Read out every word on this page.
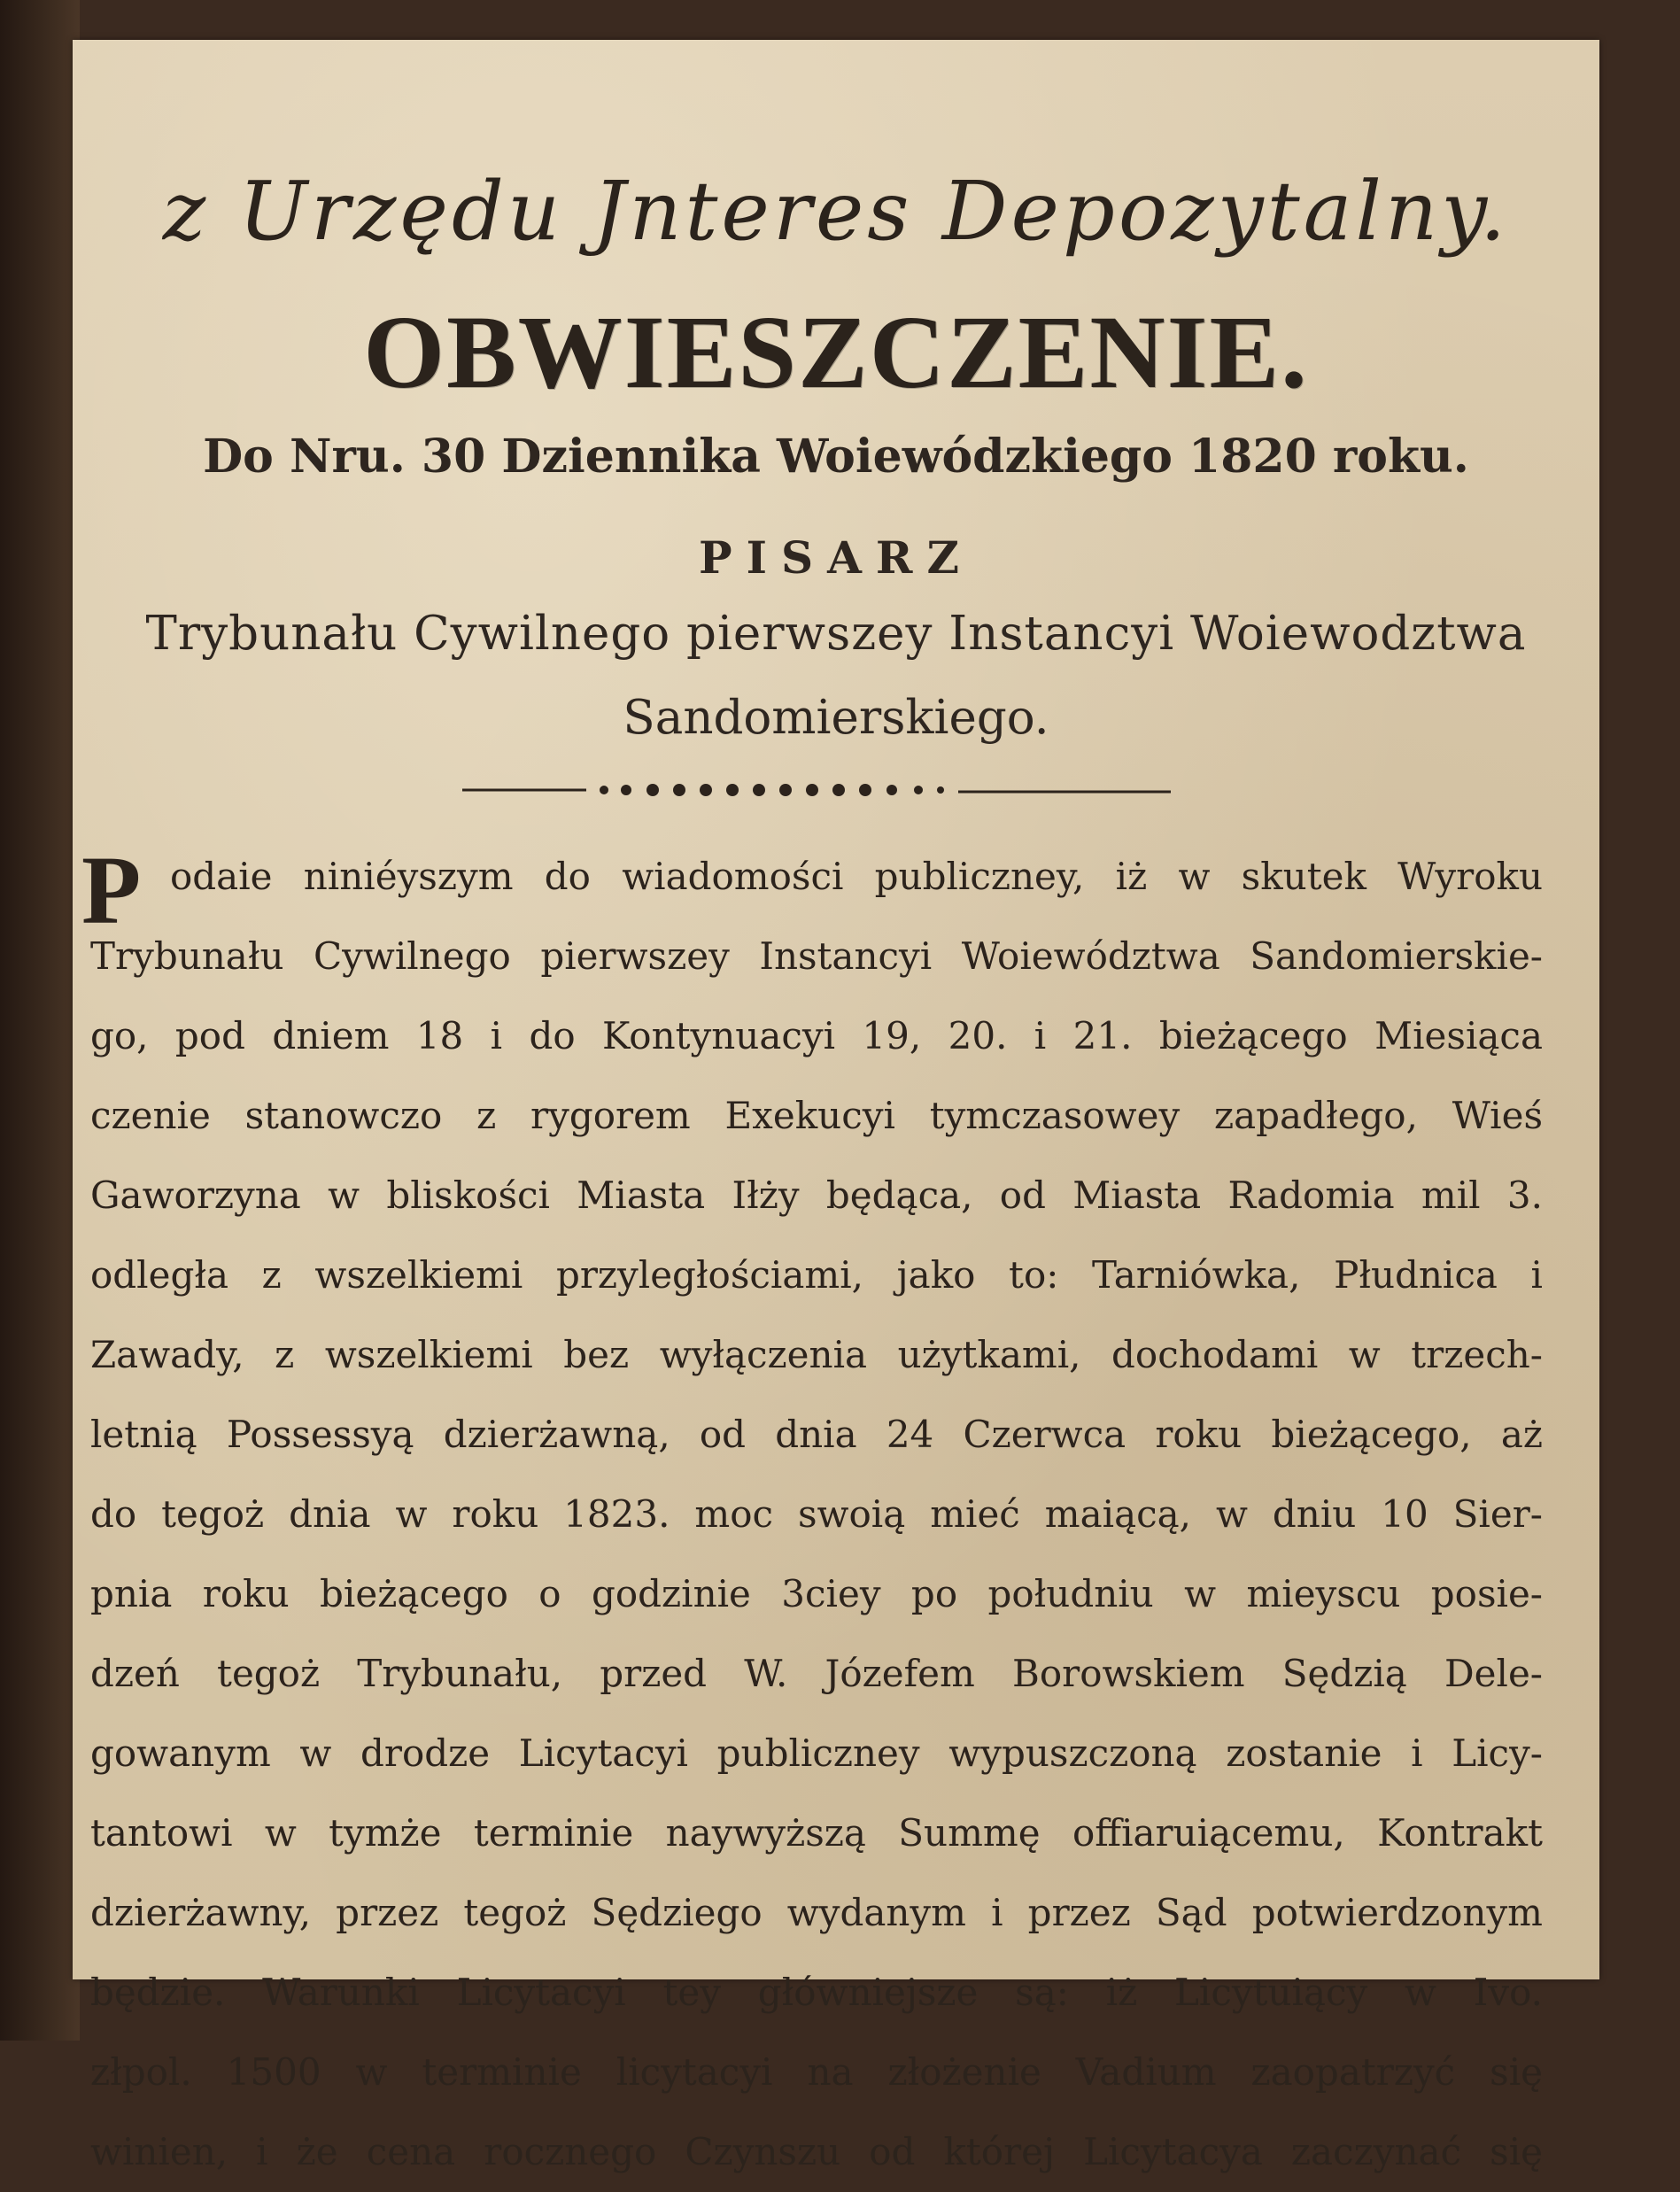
z Urzędu Jnteres Depozytalny.
OBWIESZCZENIE.
Do Nru. 30 Dziennika Woiewódzkiego 1820 roku.
PISARZ
Trybunału Cywilnego pierwszey Instancyi Woiewodztwa
Sandomierskiego.
P odaie niniéyszym do wiadomości publiczney, iż w skutek Wyroku
Trybunału Cywilnego pierwszey Instancyi Woiewództwa Sandomierskie-
go, pod dniem 18 i do Kontynuacyi 19, 20. i 21. bieżącego Miesiąca
czenie stanowczo z rygorem Exekucyi tymczasowey zapadłego, Wieś
Gaworzyna w bliskości Miasta Iłży będąca, od Miasta Radomia mil 3.
odległa z wszelkiemi przyległościami, jako to: Tarniówka, Płudnica i
Zawady, z wszelkiemi bez wyłączenia użytkami, dochodami w trzech-
letnią Possessyą dzierżawną, od dnia 24 Czerwca roku bieżącego, aż
do tegoż dnia w roku 1823. moc swoią mieć maiącą, w dniu 10 Sier-
pnia roku bieżącego o godzinie 3ciey po południu w mieyscu posie-
dzeń tegoż Trybunału, przed W. Józefem Borowskiem Sędzią Dele-
gowanym w drodze Licytacyi publiczney wypuszczoną zostanie i Licy-
tantowi w tymże terminie naywyższą Summę offiaruiącemu, Kontrakt
dzierżawny, przez tegoż Sędziego wydanym i przez Sąd potwierdzonym
będzie. Warunki Licytacyi tey główniejsze są: iż Licytuiący w Ivo.
złpol. 1500 w terminie licytacyi na złożenie Vadium zaopatrzyć się
winien, i że cena rocznego Czynszu od której Licytacya zaczynać się
